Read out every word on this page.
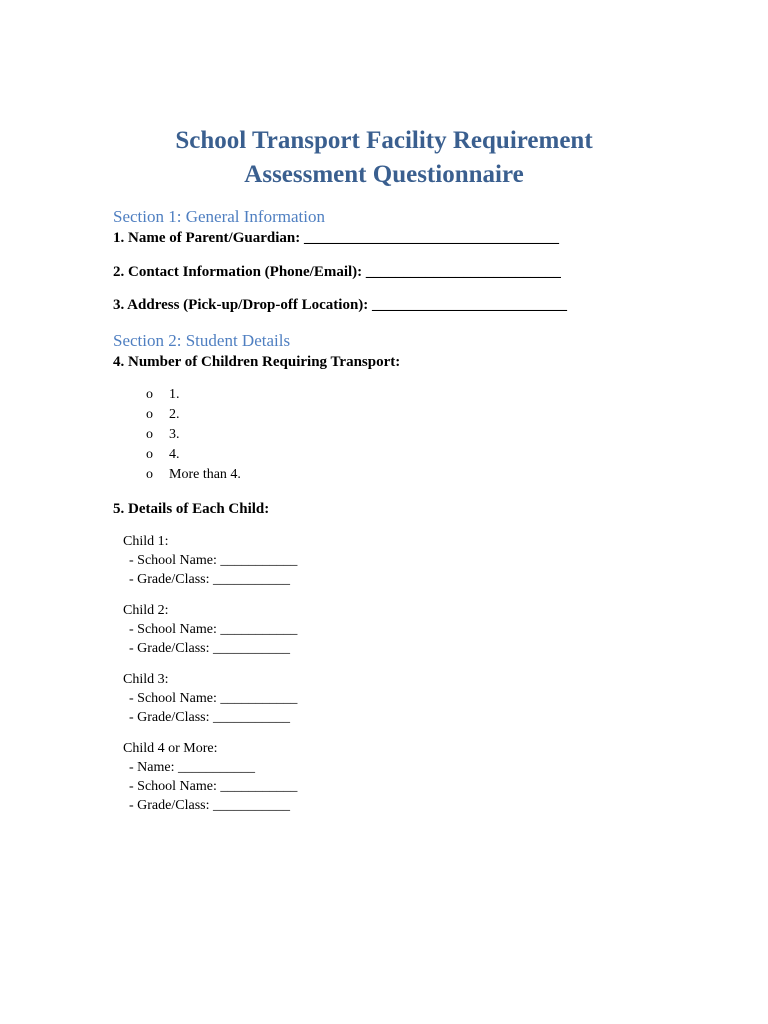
School Transport Facility Requirement
Assessment Questionnaire
Section 1: General Information
1. Name of Parent/Guardian: __________________________________
2. Contact Information (Phone/Email): __________________________
3. Address (Pick-up/Drop-off Location): __________________________
Section 2: Student Details
4. Number of Children Requiring Transport:
o 1.
o 2.
o 3.
o 4.
o More than 4.
5. Details of Each Child:
Child 1:
- School Name: ___________
- Grade/Class: ___________
Child 2:
- School Name: ___________
- Grade/Class: ___________
Child 3:
- School Name: ___________
- Grade/Class: ___________
Child 4 or More:
- Name: ___________
- School Name: ___________
- Grade/Class: ___________
